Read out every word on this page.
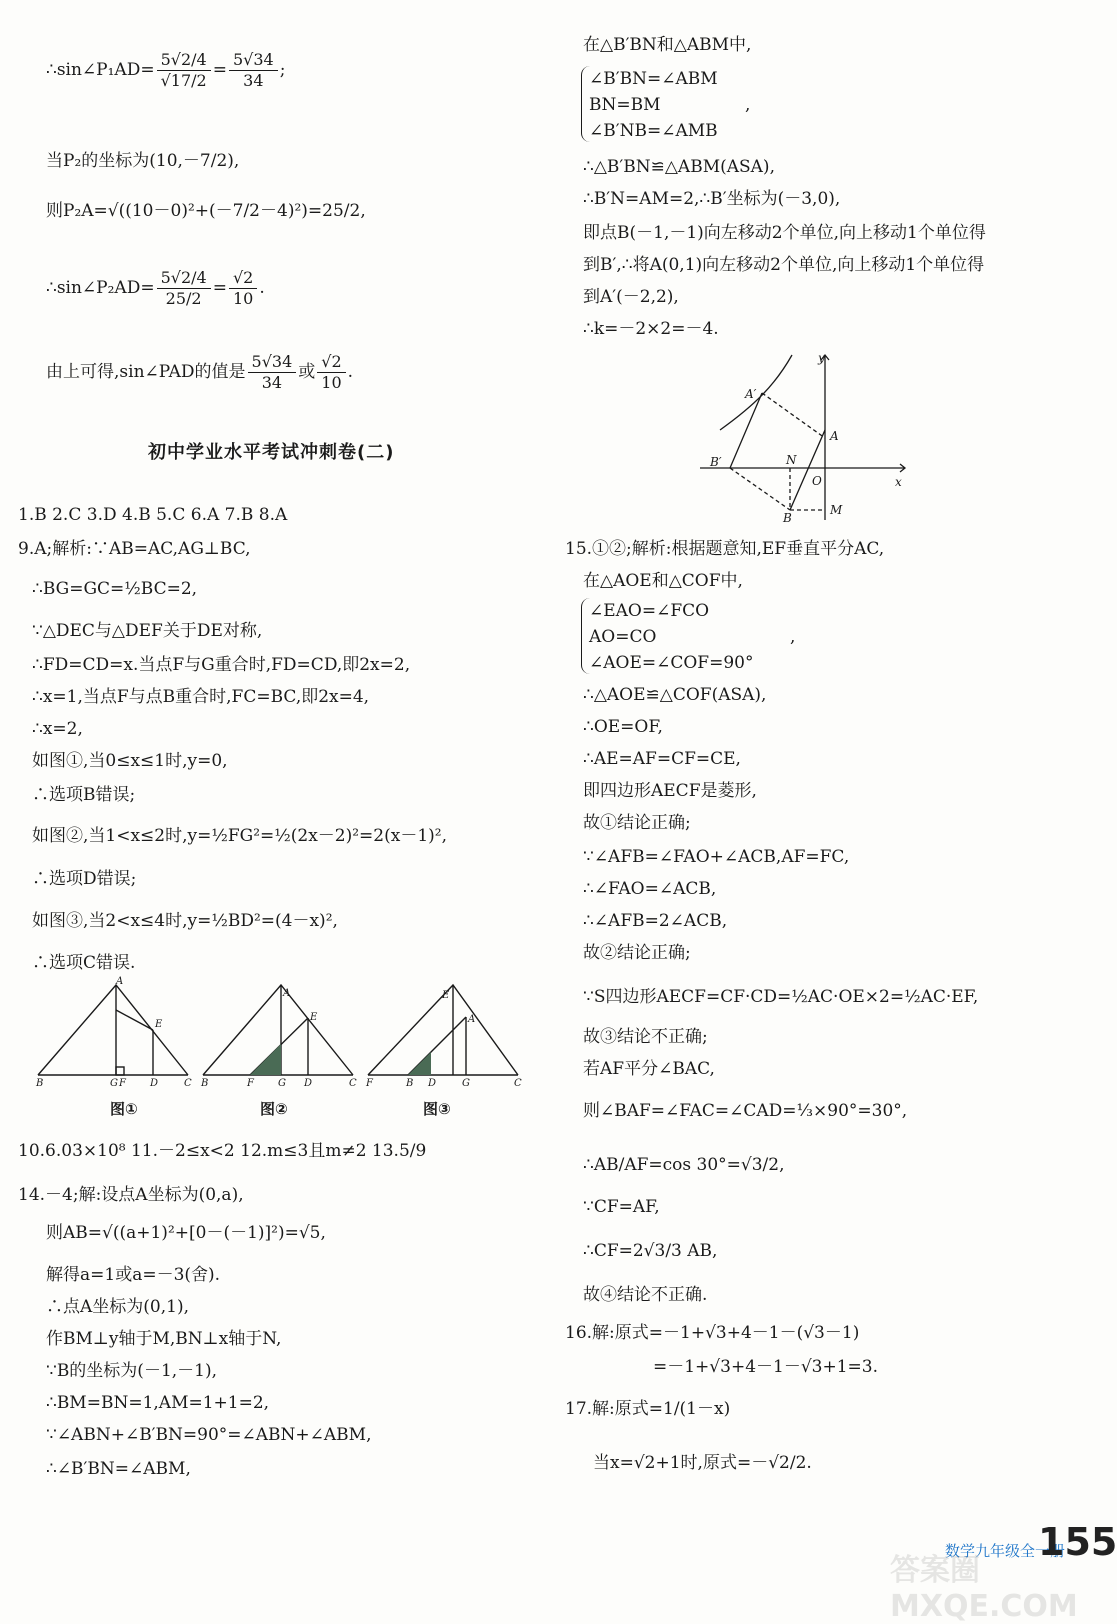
∴sin∠P₁AD= $\frac{5√2/4}{√17/2} = \frac{5√34}{34}$ ;
当P₂的坐标为(10,－7/2),
则P₂A=√((10－0)²+(－7/2－4)²)=25/2,
∴sin∠P₂AD= $\frac{5√2/4}{25/2} = \frac{√2}{10}$ .
由上可得,sin∠PAD的值是 $\frac{5√34}{34}$ 或 $\frac{√2}{10}$ .
初中学业水平考试冲刺卷(二)
1.B 2.C 3.D 4.B 5.C 6.A 7.B 8.A
9.A;解析:∵AB=AC,AG⊥BC,
∴BG=GC=½BC=2,
∵△DEC与△DEF关于DE对称,
∴FD=CD=x.当点F与G重合时,FD=CD,即2x=2,
∴x=1,当点F与点B重合时,FC=BC,即2x=4,
∴x=2,
如图①,当0≤x≤1时,y=0,
∴选项B错误;
如图②,当1<x≤2时,y=½FG²=½(2x－2)²=2(x－1)²,
∴选项D错误;
如图③,当2<x≤4时,y=½BD²=(4－x)²,
∴选项C错误.
B	G F D	C
A
E
B	F G D	C
A
E
F	B D	G	C
E
A
图①	图②	图③
10.6.03×10⁸ 11.－2≤x<2 12.m≤3且m≠2 13.5/9
14.－4;解:设点A坐标为(0,a),
则AB=√((a+1)²+[0－(－1)]²)=√5,
解得a=1或a=－3(舍).
∴点A坐标为(0,1),
作BM⊥y轴于M,BN⊥x轴于N,
∵B的坐标为(－1,－1),
∴BM=BN=1,AM=1+1=2,
∵∠ABN+∠B′BN=90°=∠ABN+∠ABM,
∴∠B′BN=∠ABM,
在△B′BN和△ABM中,
∠B′BN=∠ABM
BN=BM
∠B′NB=∠AMB
,
∴△B′BN≌△ABM(ASA),
∴B′N=AM=2,∴B′坐标为(－3,0),
即点B(－1,－1)向左移动2个单位,向上移动1个单位得
到B′,∴将A(0,1)向左移动2个单位,向上移动1个单位得
到A′(－2,2),
∴k=－2×2=－4.
A′
A
B′	N
O
B
M
y
x
15.①②;解析:根据题意知,EF垂直平分AC,
在△AOE和△COF中,
∠EAO=∠FCO
AO=CO
∠AOE=∠COF=90°
,
∴△AOE≌△COF(ASA),
∴OE=OF,
∴AE=AF=CF=CE,
即四边形AECF是菱形,
故①结论正确;
∵∠AFB=∠FAO+∠ACB,AF=FC,
∴∠FAO=∠ACB,
∴∠AFB=2∠ACB,
故②结论正确;
∵S四边形AECF=CF·CD=½AC·OE×2=½AC·EF,
故③结论不正确;
若AF平分∠BAC,
则∠BAF=∠FAC=∠CAD=⅓×90°=30°,
∴AB/AF=cos 30°=√3/2,
∵CF=AF,
∴CF=2√3/3 AB,
故④结论不正确.
16.解:原式=－1+√3+4－1－(√3－1)
=－1+√3+4－1－√3+1=3.
17.解:原式=1/(1－x)
当x=√2+1时,原式=－√2/2.
数学九年级全一册
155
答案圈 MXQE.COM
